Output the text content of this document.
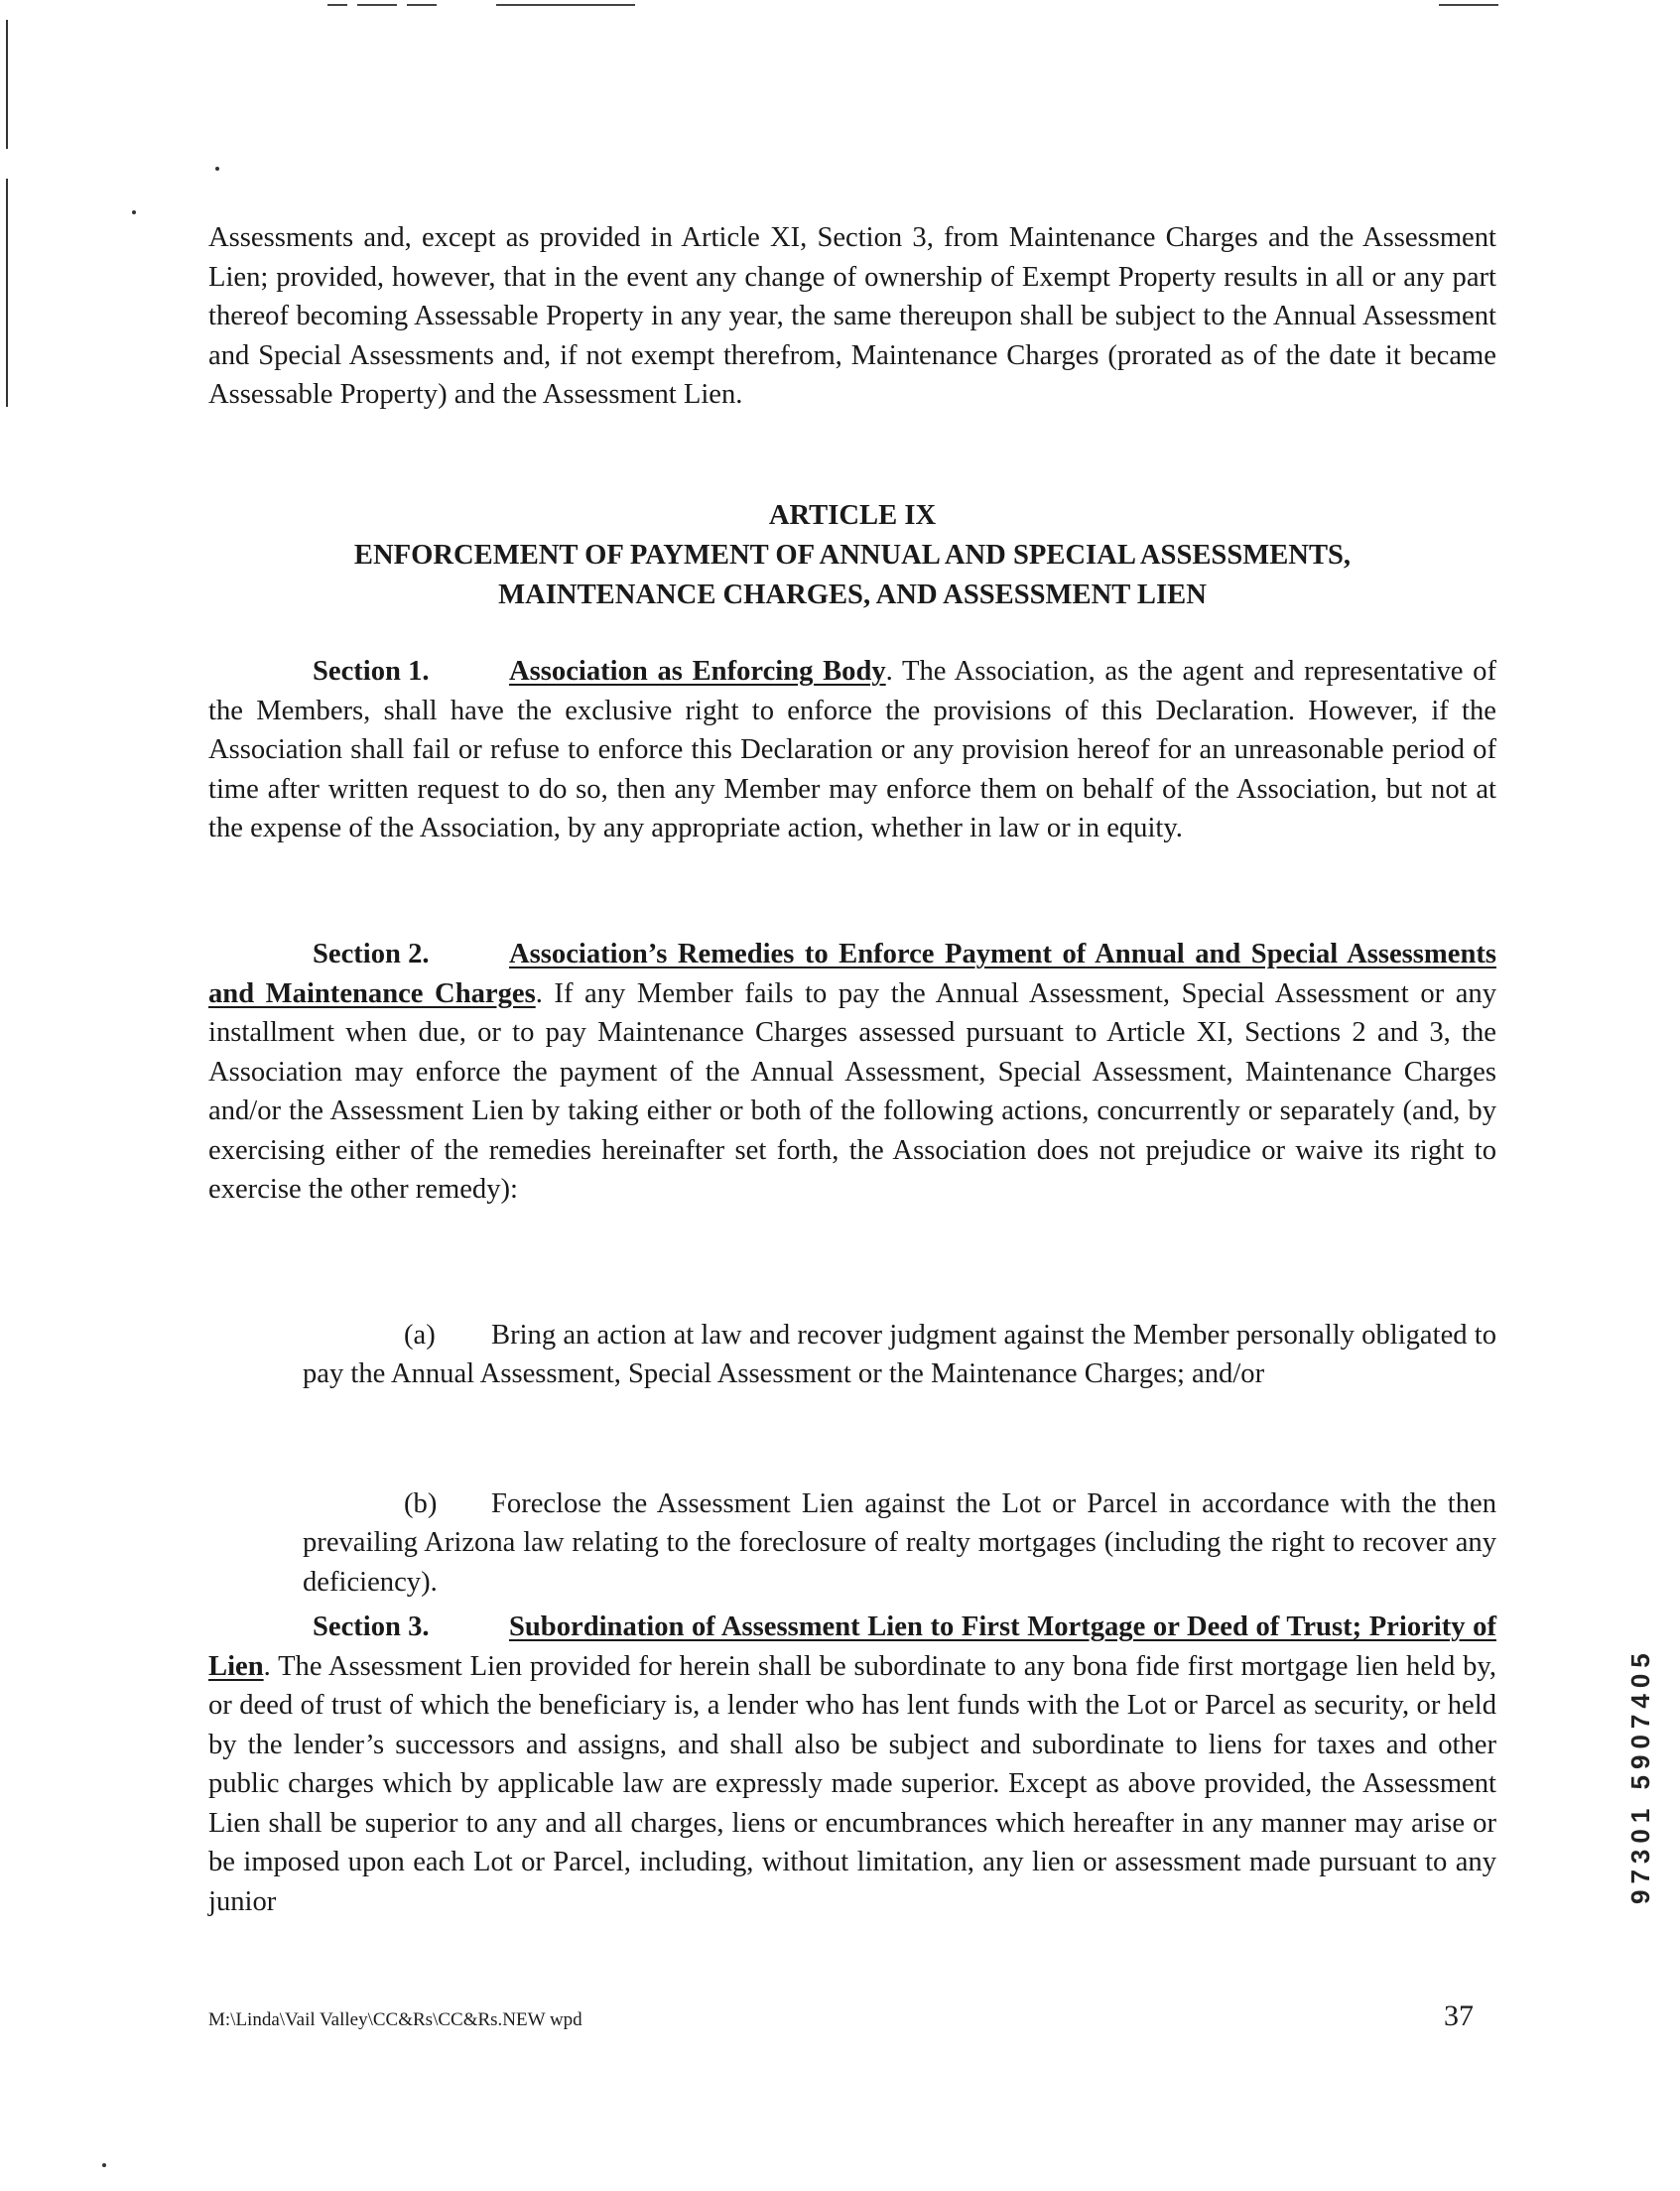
Assessments and, except as provided in Article XI, Section 3, from Maintenance Charges and the Assessment Lien; provided, however, that in the event any change of ownership of Exempt Property results in all or any part thereof becoming Assessable Property in any year, the same thereupon shall be subject to the Annual Assessment and Special Assessments and, if not exempt therefrom, Maintenance Charges (prorated as of the date it became Assessable Property) and the Assessment Lien.

ARTICLE IX
ENFORCEMENT OF PAYMENT OF ANNUAL AND SPECIAL ASSESSMENTS,
MAINTENANCE CHARGES, AND ASSESSMENT LIEN

Section 1.	Association as Enforcing Body. The Association, as the agent and representative of the Members, shall have the exclusive right to enforce the provisions of this Declaration. However, if the Association shall fail or refuse to enforce this Declaration or any provision hereof for an unreasonable period of time after written request to do so, then any Member may enforce them on behalf of the Association, but not at the expense of the Association, by any appropriate action, whether in law or in equity.

Section 2.	Association’s Remedies to Enforce Payment of Annual and Special Assessments and Maintenance Charges. If any Member fails to pay the Annual Assessment, Special Assessment or any installment when due, or to pay Maintenance Charges assessed pursuant to Article XI, Sections 2 and 3, the Association may enforce the payment of the Annual Assessment, Special Assessment, Maintenance Charges and/or the Assessment Lien by taking either or both of the following actions, concurrently or separately (and, by exercising either of the remedies hereinafter set forth, the Association does not prejudice or waive its right to exercise the other remedy):

(a) Bring an action at law and recover judgment against the Member personally obligated to pay the Annual Assessment, Special Assessment or the Maintenance Charges; and/or

(b) Foreclose the Assessment Lien against the Lot or Parcel in accordance with the then prevailing Arizona law relating to the foreclosure of realty mortgages (including the right to recover any deficiency).

Section 3.	Subordination of Assessment Lien to First Mortgage or Deed of Trust; Priority of Lien. The Assessment Lien provided for herein shall be subordinate to any bona fide first mortgage lien held by, or deed of trust of which the beneficiary is, a lender who has lent funds with the Lot or Parcel as security, or held by the lender’s successors and assigns, and shall also be subject and subordinate to liens for taxes and other public charges which by applicable law are expressly made superior. Except as above provided, the Assessment Lien shall be superior to any and all charges, liens or encumbrances which hereafter in any manner may arise or be imposed upon each Lot or Parcel, including, without limitation, any lien or assessment made pursuant to any junior	97301 5907405
M:\Linda\Vail Valley\CC&Rs\CC&Rs.NEW wpd	37
